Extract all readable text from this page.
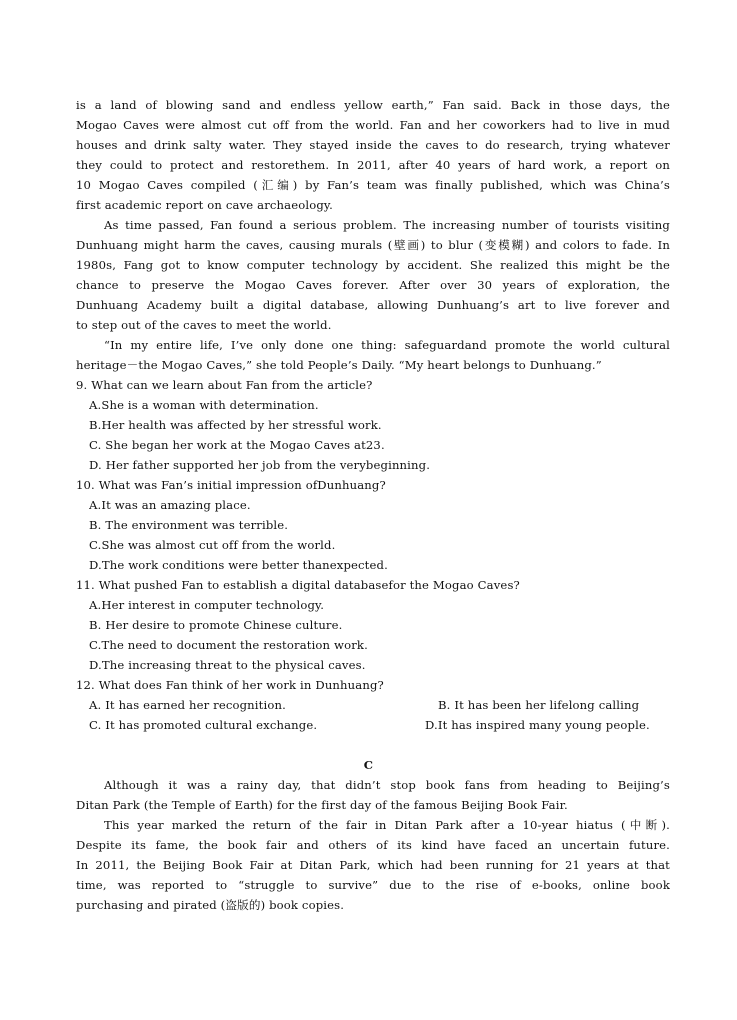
is a land of blowing sand and endless yellow earth,” Fan said. Back in those days, the
Mogao Caves were almost cut off from the world. Fan and her coworkers had to live in mud
houses and drink salty water. They stayed inside the caves to do research, trying whatever
they could to protect and restorethem. In 2011, after 40 years of hard work, a report on
10 Mogao Caves compiled (汇编) by Fan’s team was finally published, which was China’s
first academic report on cave archaeology.
As time passed, Fan found a serious problem. The increasing number of tourists visiting
Dunhuang might harm the caves, causing murals (壁画) to blur (变模糊) and colors to fade. In
1980s, Fang got to know computer technology by accident. She realized this might be the
chance to preserve the Mogao Caves forever. After over 30 years of exploration, the
Dunhuang Academy built a digital database, allowing Dunhuang’s art to live forever and
to step out of the caves to meet the world.
“In my entire life, I’ve only done one thing: safeguardand promote the world cultural
heritage－the Mogao Caves,” she told People’s Daily. “My heart belongs to Dunhuang.”
9. What can we learn about Fan from the article?
A.She is a woman with determination.
B.Her health was affected by her stressful work.
C. She began her work at the Mogao Caves at23.
D. Her father supported her job from the verybeginning.
10. What was Fan’s initial impression ofDunhuang?
A.It was an amazing place.
B. The environment was terrible.
C.She was almost cut off from the world.
D.The work conditions were better thanexpected.
11. What pushed Fan to establish a digital databasefor the Mogao Caves?
A.Her interest in computer technology.
B. Her desire to promote Chinese culture.
C.The need to document the restoration work.
D.The increasing threat to the physical caves.
12. What does Fan think of her work in Dunhuang?
A. It has earned her recognition.	B. It has been her lifelong calling
C. It has promoted cultural exchange.	D.It has inspired many young people.
C
Although it was a rainy day, that didn’t stop book fans from heading to Beijing’s
Ditan Park (the Temple of Earth) for the first day of the famous Beijing Book Fair.
This year marked the return of the fair in Ditan Park after a 10-year hiatus (中断).
Despite its fame, the book fair and others of its kind have faced an uncertain future.
In 2011, the Beijing Book Fair at Ditan Park, which had been running for 21 years at that
time, was reported to “struggle to survive” due to the rise of e-books, online book
purchasing and pirated (盗版的) book copies.
